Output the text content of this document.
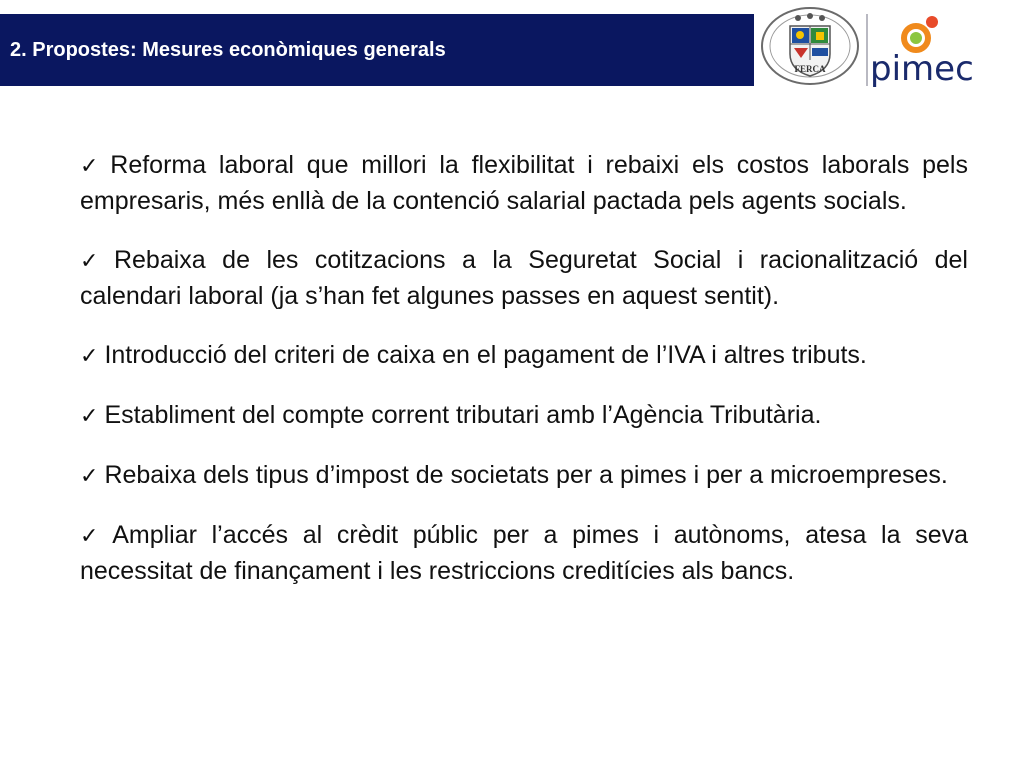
2. Propostes: Mesures econòmiques generals
FERCA pimec

✓ Reforma laboral que millori la flexibilitat i rebaixi els costos laborals pels empresaris, més enllà de la contenció salarial pactada pels agents socials.

✓ Rebaixa de les cotitzacions a la Seguretat Social i racionalització del calendari laboral (ja s’han fet algunes passes en aquest sentit).

✓ Introducció del criteri de caixa en el pagament de l’IVA i altres tributs.

✓ Establiment del compte corrent tributari amb l’Agència Tributària.

✓ Rebaixa dels tipus d’impost de societats per a pimes i per a microempreses.

✓ Ampliar l’accés al crèdit públic per a pimes i autònoms, atesa la seva necessitat de finançament i les restriccions creditícies als bancs.
